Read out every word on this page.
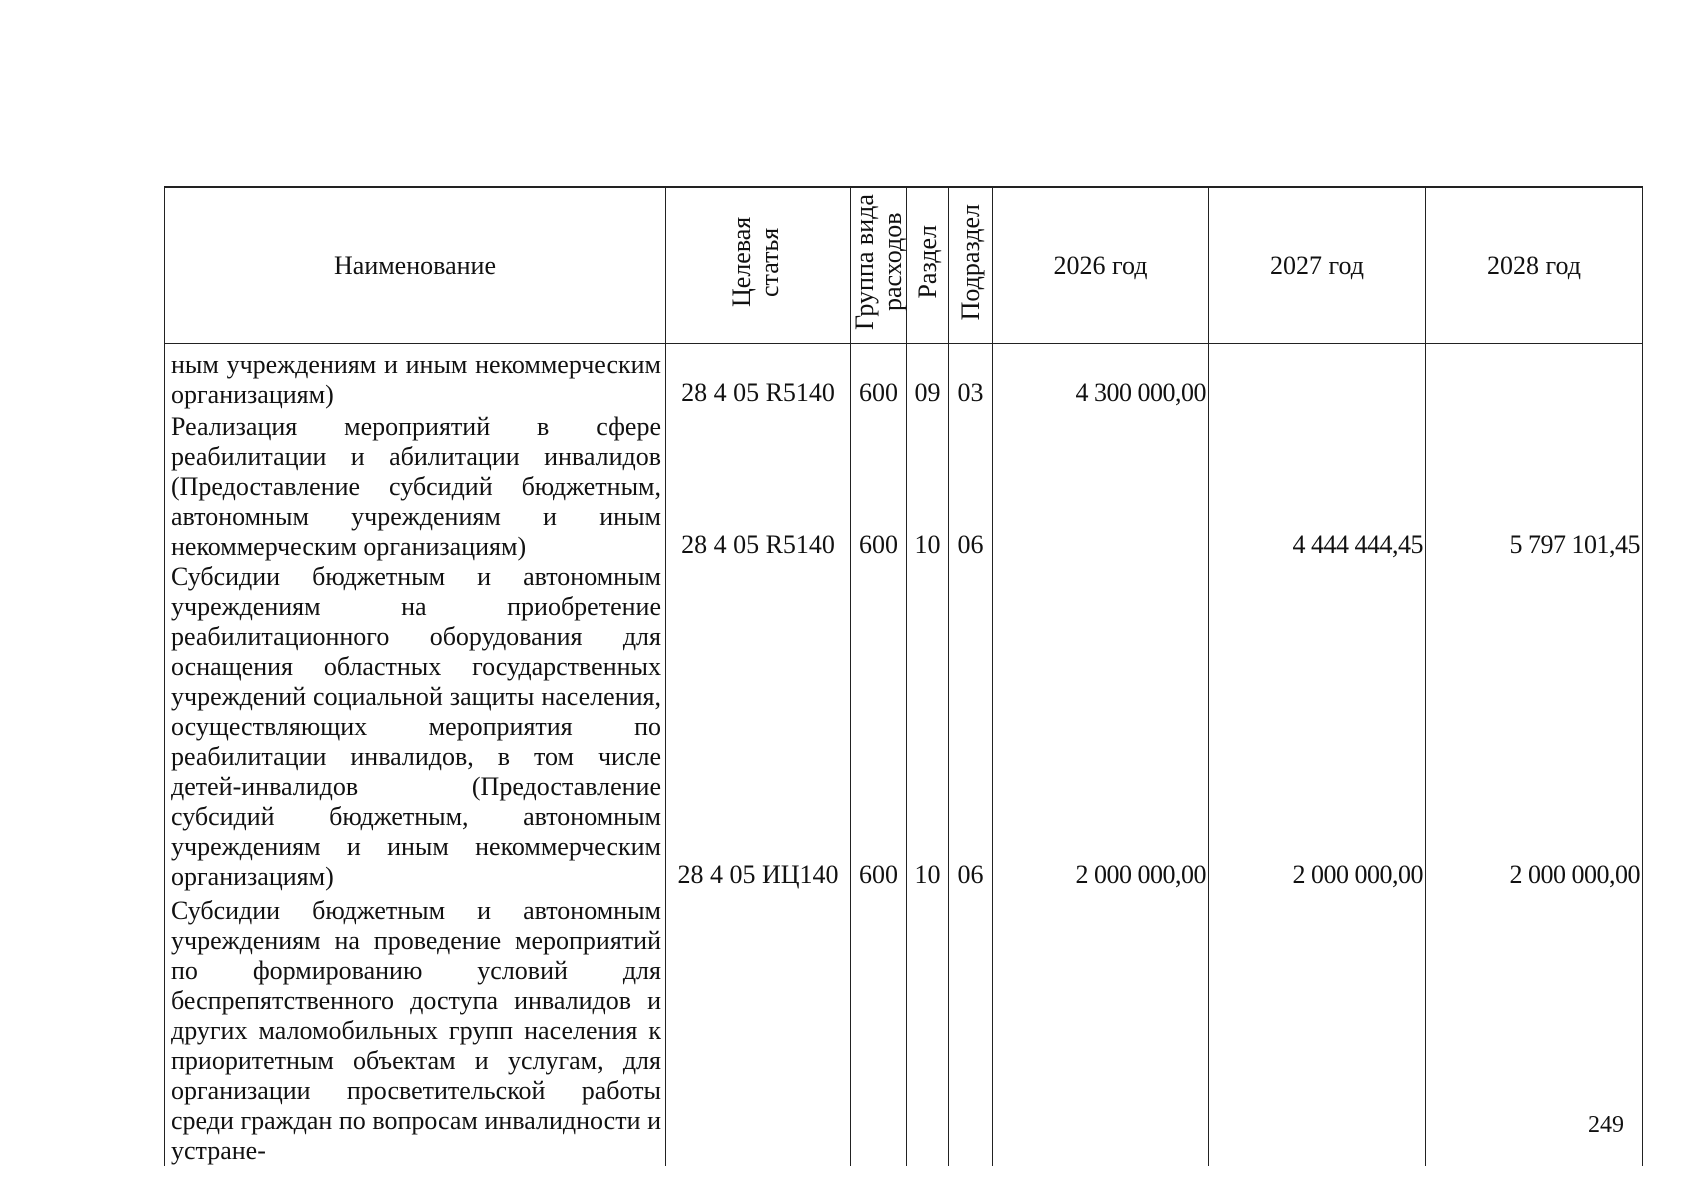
Наименование	Целевая статья	Группа вида расходов	Раздел	Подраздел	2026 год	2027 год	2028 год
ным учреждениям и иным некоммерческим организациям)	28 4 05 R5140	600	09	03	4 300 000,00		
Реализация мероприятий в сфере реабилитации и абилитации инвалидов (Предоставление субсидий бюджетным, автономным учреждениям и иным некоммерческим организациям)	28 4 05 R5140	600	10	06		4 444 444,45	5 797 101,45
Субсидии бюджетным и автономным учреждениям на приобретение реабилитационного оборудования для оснащения областных государственных учреждений социальной защиты населения, осуществляющих мероприятия по реабилитации инвалидов, в том числе детей-инвалидов (Предоставление субсидий бюджетным, автономным учреждениям и иным некоммерческим организациям)	28 4 05 ИЦ140	600	10	06	2 000 000,00	2 000 000,00	2 000 000,00
Субсидии бюджетным и автономным учреждениям на проведение мероприятий по формированию условий для беспрепятственного доступа инвалидов и других маломобильных групп населения к приоритетным объектам и услугам, для организации просветительской работы среди граждан по вопросам инвалидности и устране-							
249
